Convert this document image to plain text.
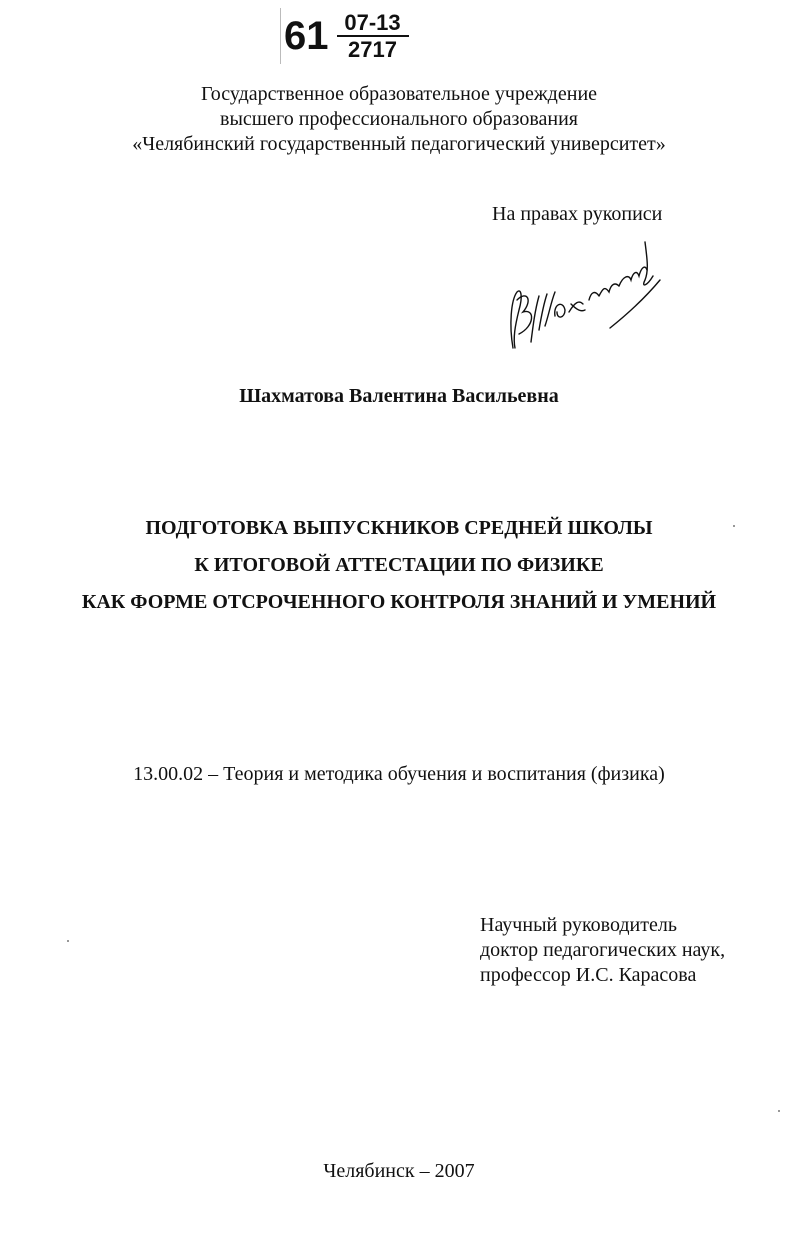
$61 \frac{07-13}{2717}$
Государственное образовательное учреждение
высшего профессионального образования
«Челябинский государственный педагогический университет»
На правах рукописи
Шахматова Валентина Васильевна
ПОДГОТОВКА ВЫПУСКНИКОВ СРЕДНЕЙ ШКОЛЫ
К ИТОГОВОЙ АТТЕСТАЦИИ ПО ФИЗИКЕ
КАК ФОРМЕ ОТСРОЧЕННОГО КОНТРОЛЯ ЗНАНИЙ И УМЕНИЙ
13.00.02 – Теория и методика обучения и воспитания (физика)
Научный руководитель
доктор педагогических наук,
профессор И.С. Карасова
Челябинск – 2007
